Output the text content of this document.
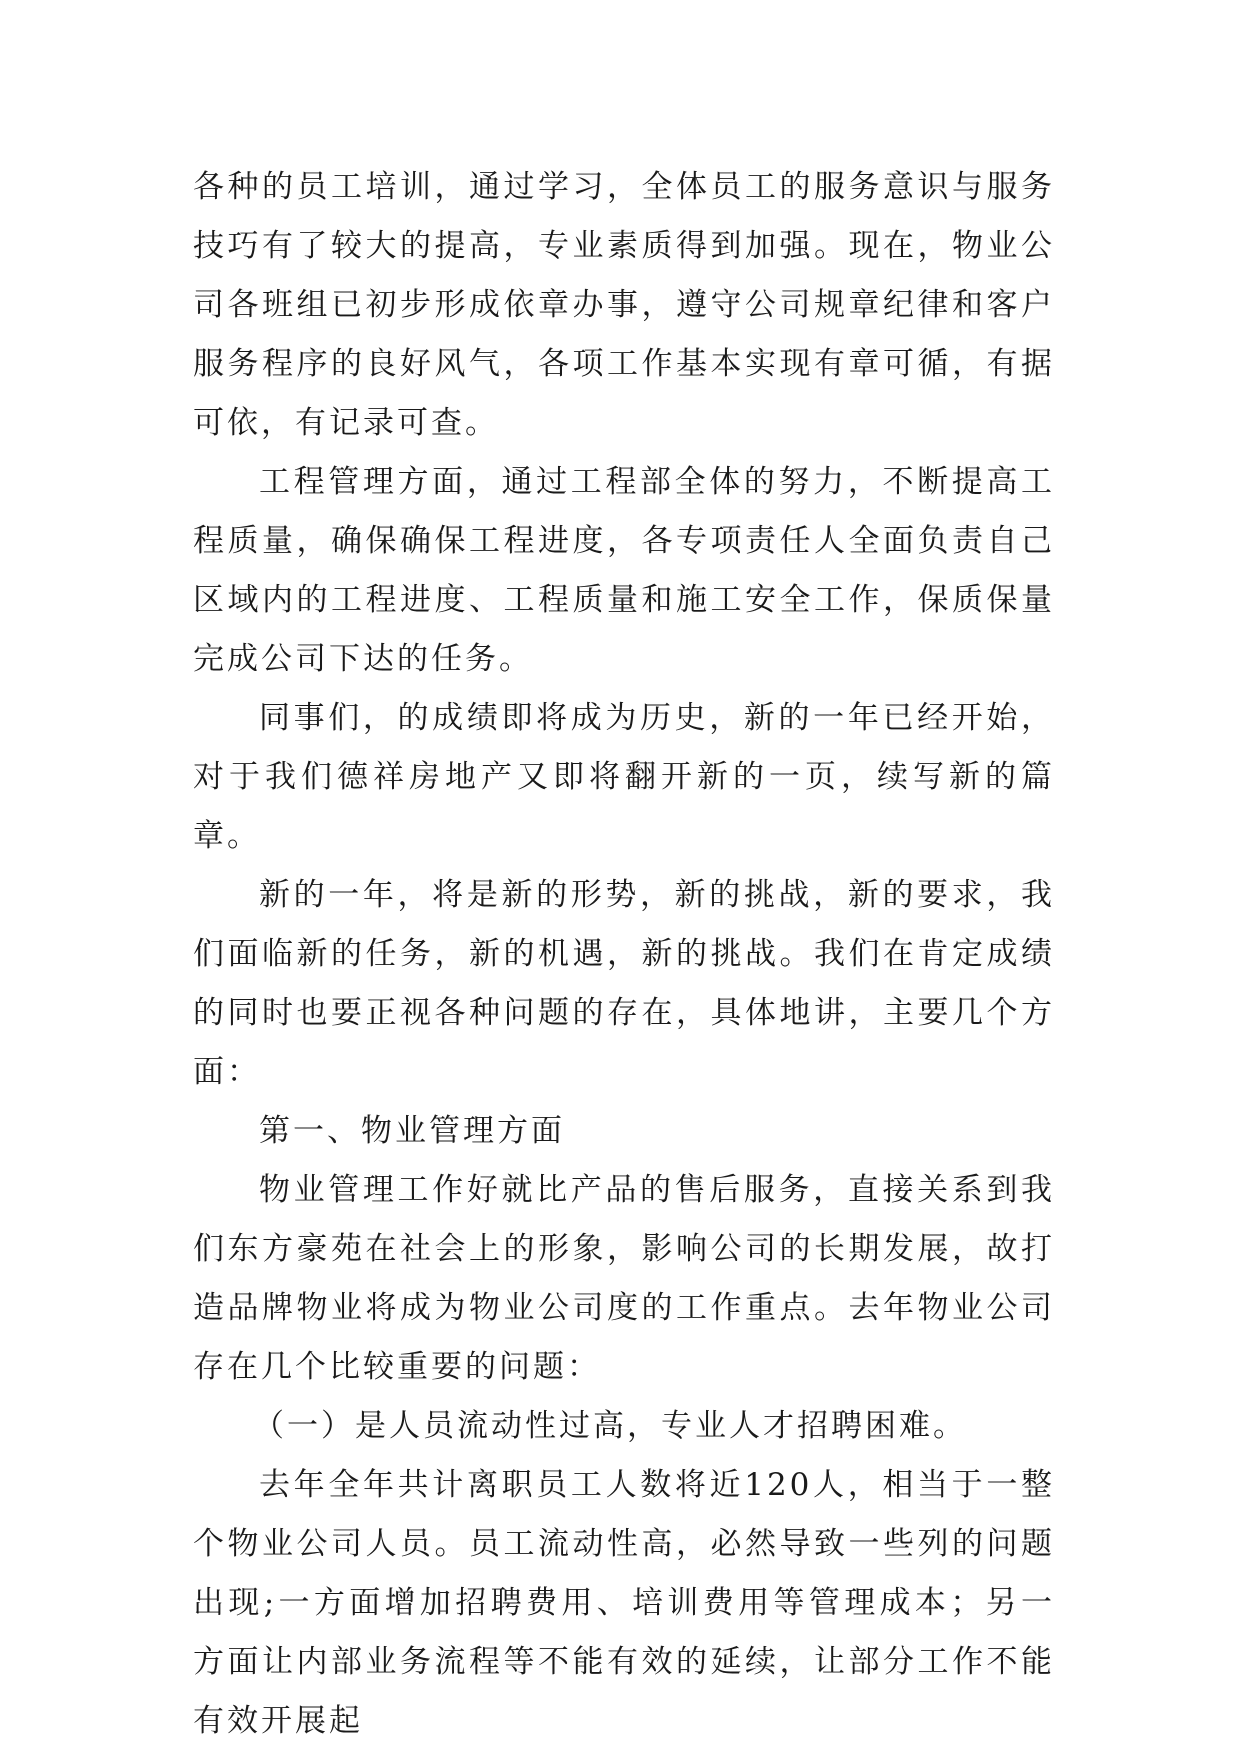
各种的员工培训，通过学习，全体员工的服务意识与服务技巧有了较大的提高，专业素质得到加强。现在，物业公司各班组已初步形成依章办事，遵守公司规章纪律和客户服务程序的良好风气，各项工作基本实现有章可循，有据可依，有记录可查。

工程管理方面，通过工程部全体的努力，不断提高工程质量，确保确保工程进度，各专项责任人全面负责自己区域内的工程进度、工程质量和施工安全工作，保质保量完成公司下达的任务。

同事们，的成绩即将成为历史，新的一年已经开始，对于我们德祥房地产又即将翻开新的一页，续写新的篇章。

新的一年，将是新的形势，新的挑战，新的要求，我们面临新的任务，新的机遇，新的挑战。我们在肯定成绩的同时也要正视各种问题的存在，具体地讲，主要几个方面：

第一、物业管理方面

物业管理工作好就比产品的售后服务，直接关系到我们东方豪苑在社会上的形象，影响公司的长期发展，故打造品牌物业将成为物业公司度的工作重点。去年物业公司存在几个比较重要的问题：

（一）是人员流动性过高，专业人才招聘困难。

去年全年共计离职员工人数将近120人，相当于一整个物业公司人员。员工流动性高，必然导致一些列的问题出现;一方面增加招聘费用、培训费用等管理成本；另一方面让内部业务流程等不能有效的延续，让部分工作不能有效开展起
